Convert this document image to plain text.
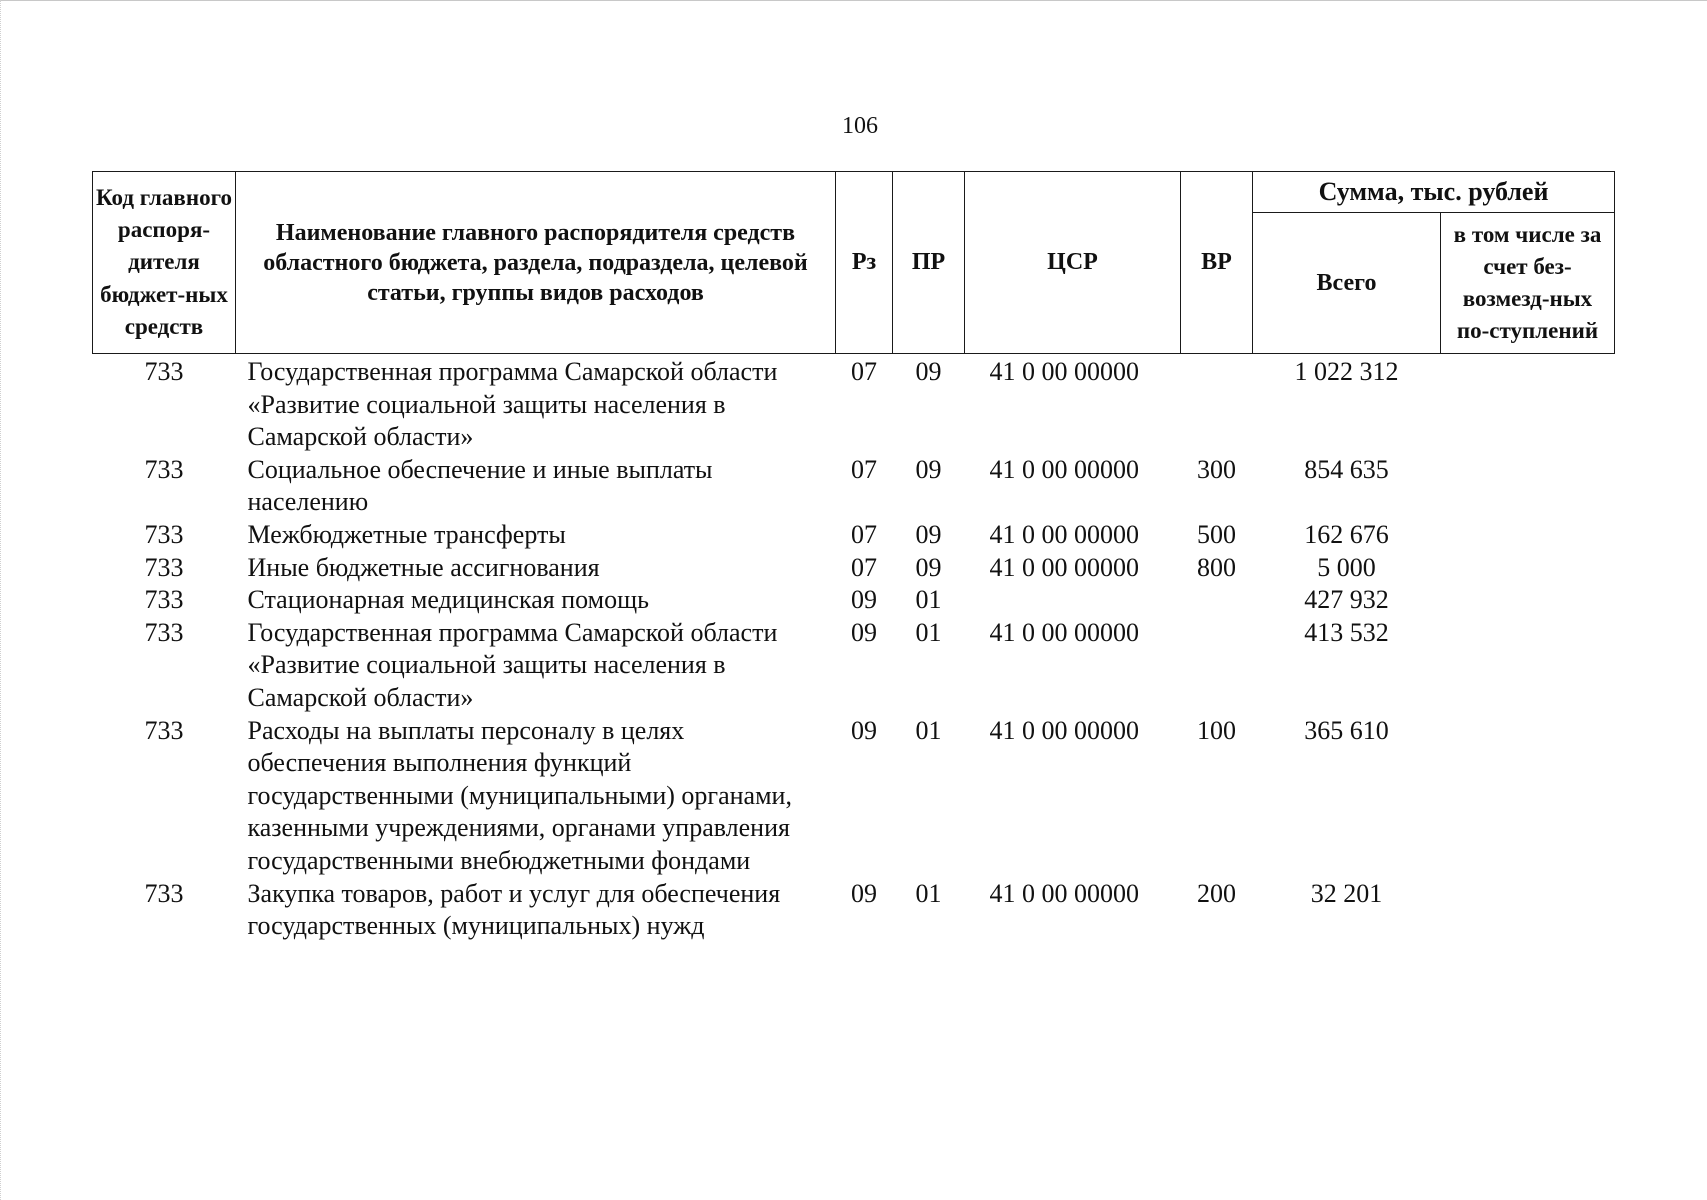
106
Код главного распоря-дителя бюджет-ных средств	Наименование главного распорядителя средств областного бюджета, раздела, подраздела, целевой статьи, группы видов расходов	Рз	ПР	ЦСР	ВР	Сумма, тыс. рублей	
						Всего	в том числе за счет без-возмезд-ных по-ступлений
733	Государственная программа Самарской области «Развитие социальной защиты населения в Самарской области»	07	09	41 0 00 00000		1 022 312	
733	Социальное обеспечение и иные выплаты населению	07	09	41 0 00 00000	300	854 635	
733	Межбюджетные трансферты	07	09	41 0 00 00000	500	162 676	
733	Иные бюджетные ассигнования	07	09	41 0 00 00000	800	5 000	
733	Стационарная медицинская помощь	09	01			427 932	
733	Государственная программа Самарской области «Развитие социальной защиты населения в Самарской области»	09	01	41 0 00 00000		413 532	
733	Расходы на выплаты персоналу в целях обеспечения выполнения функций государственными (муниципальными) органами, казенными учреждениями, органами управления государственными внебюджетными фондами	09	01	41 0 00 00000	100	365 610	
733	Закупка товаров, работ и услуг для обеспечения государственных (муниципальных) нужд	09	01	41 0 00 00000	200	32 201	
